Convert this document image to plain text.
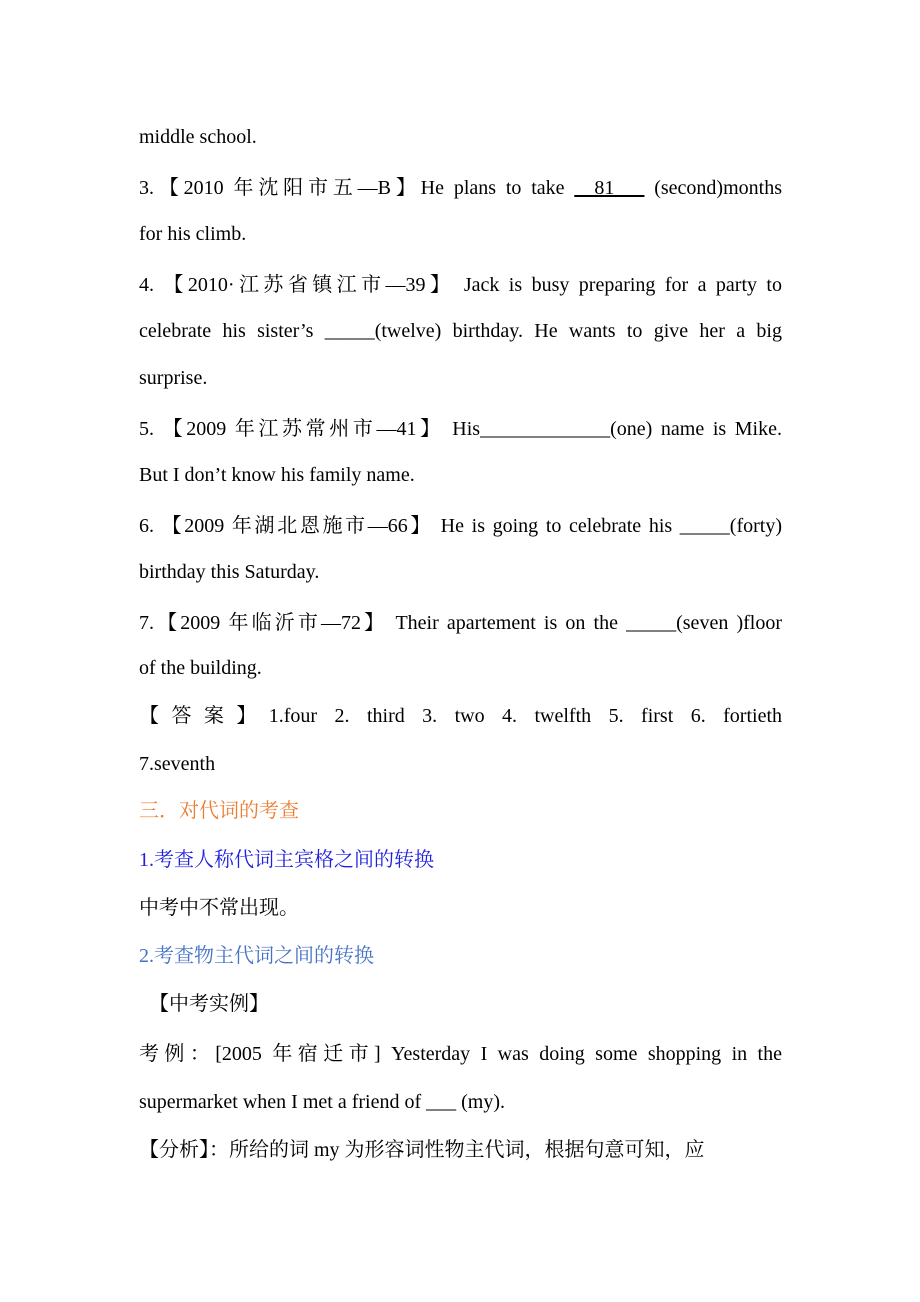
middle school.
3.【2010 年沈阳市五—B】He plans to take __81___ (second)months
for his climb.
4. 【2010·江苏省镇江市—39】 Jack is busy preparing for a party to
celebrate his sister’s _____(twelve) birthday. He wants to give her a big
surprise.
5. 【2009 年江苏常州市—41】 His_____________(one) name is Mike.
But I don’t know his family name.
6. 【2009 年湖北恩施市—66】 He is going to celebrate his _____(forty)
birthday this Saturday.
7.【2009 年临沂市—72】 Their apartement is on the _____(seven )floor
of the building.
【答案】1.four 2. third 3. two 4. twelfth 5. first 6. fortieth
7.seventh
三．对代词的考查
1.考查人称代词主宾格之间的转换
中考中不常出现。
2.考查物主代词之间的转换
【中考实例】
考例：[2005 年宿迁市] Yesterday I was doing some shopping in the
supermarket when I met a friend of ___ (my).
【分析】：所给的词 my 为形容词性物主代词，根据句意可知，应
